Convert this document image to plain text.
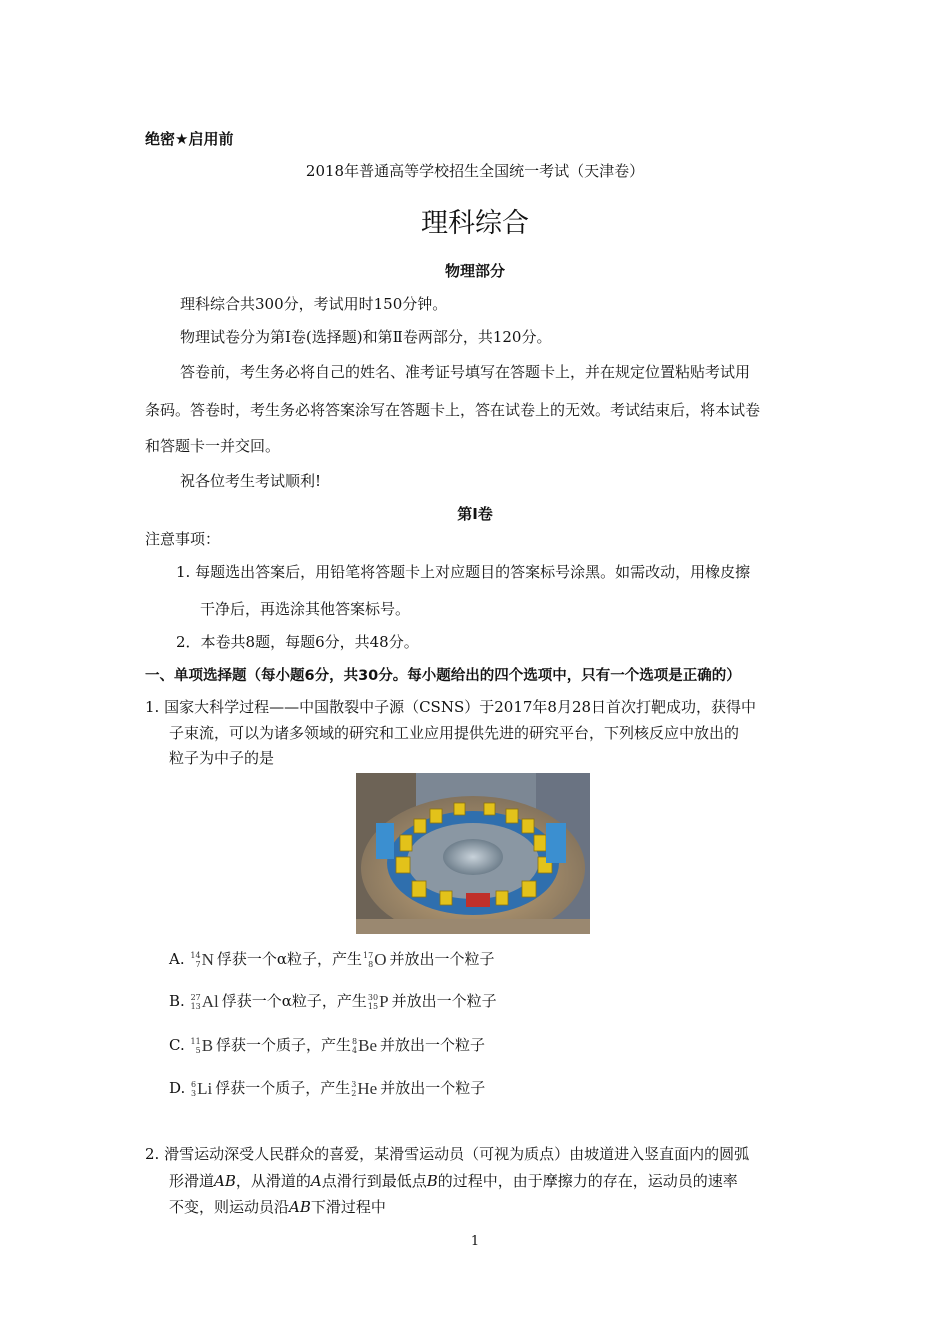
绝密★启用前
2018年普通高等学校招生全国统一考试（天津卷）
理科综合
物理部分
理科综合共300分，考试用时150分钟。
物理试卷分为第Ⅰ卷(选择题)和第Ⅱ卷两部分，共120分。
答卷前，考生务必将自己的姓名、准考证号填写在答题卡上，并在规定位置粘贴考试用
条码。答卷时，考生务必将答案涂写在答题卡上，答在试卷上的无效。考试结束后，将本试卷
和答题卡一并交回。
祝各位考生考试顺利!
第Ⅰ卷
注意事项：
1. 每题选出答案后，用铅笔将答题卡上对应题目的答案标号涂黑。如需改动，用橡皮擦
干净后，再选涂其他答案标号。
2．本卷共8题，每题6分，共48分。
一、单项选择题（每小题6分，共30分。每小题给出的四个选项中，只有一个选项是正确的）
1. 国家大科学过程——中国散裂中子源（CSNS）于2017年8月28日首次打靶成功，获得中
子束流，可以为诸多领域的研究和工业应用提供先进的研究平台，下列核反应中放出的
粒子为中子的是
A. 14
7 N 俘获一个α粒子，产生 17
8 O 并放出一个粒子
B. 27
13 Al 俘获一个α粒子，产生 30
15 P 并放出一个粒子
C. 11
5 B 俘获一个质子，产生 8
4 Be 并放出一个粒子
D. 6
3 Li 俘获一个质子，产生 3
2 He 并放出一个粒子
2. 滑雪运动深受人民群众的喜爱，某滑雪运动员（可视为质点）由坡道进入竖直面内的圆弧
形滑道AB，从滑道的A点滑行到最低点B的过程中，由于摩擦力的存在，运动员的速率
不变，则运动员沿AB下滑过程中
1
